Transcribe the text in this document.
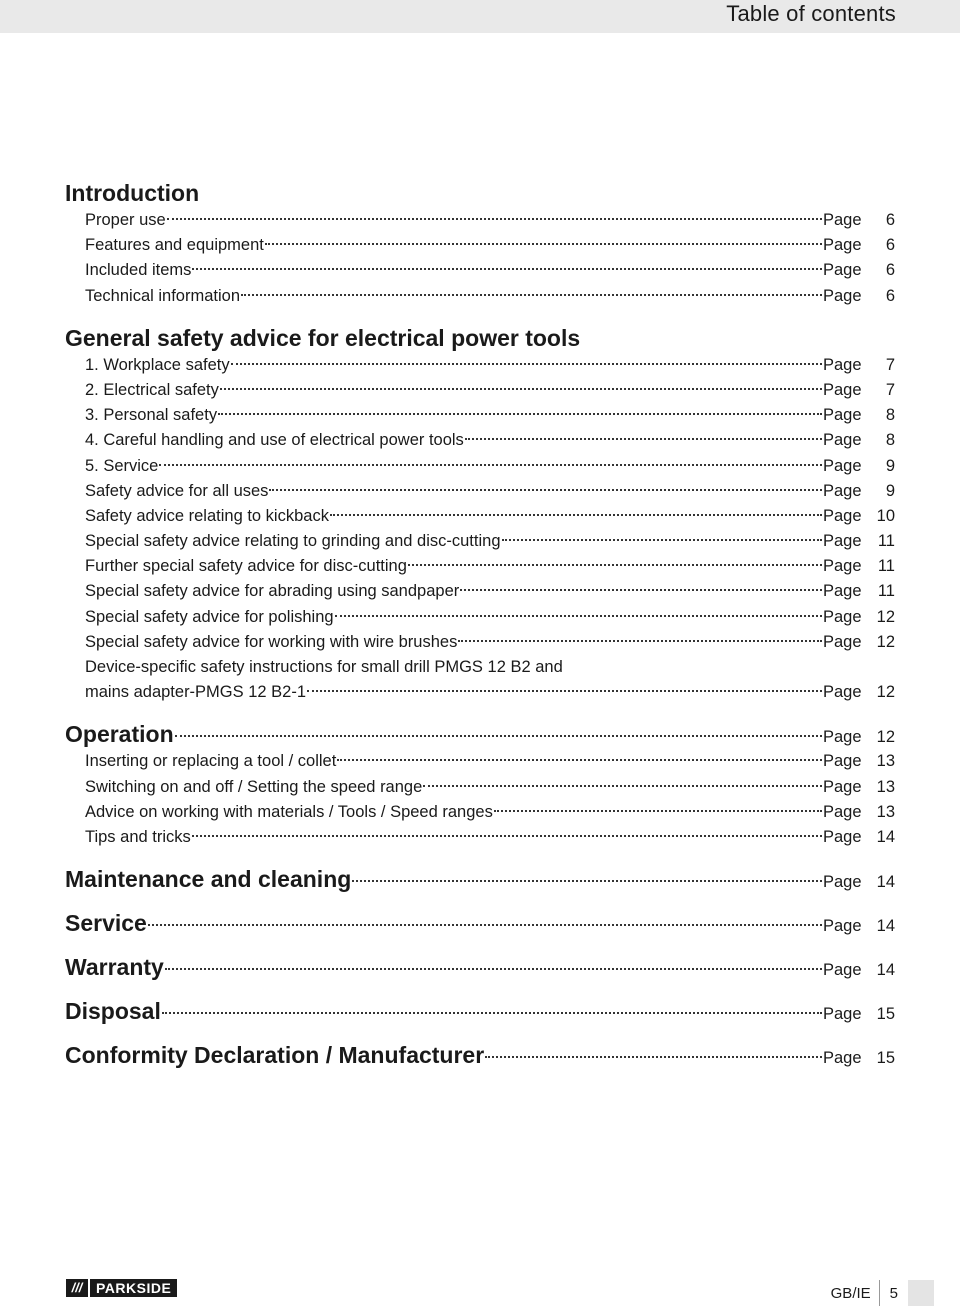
Table of contents
Introduction
Proper use	Page 6
Features and equipment	Page 6
Included items	Page 6
Technical information	Page 6
General safety advice for electrical power tools
1. Workplace safety	Page 7
2. Electrical safety	Page 7
3. Personal safety	Page 8
4. Careful handling and use of electrical power tools	Page 8
5. Service	Page 9
Safety advice for all uses	Page 9
Safety advice relating to kickback	Page 10
Special safety advice relating to grinding and disc-cutting	Page 11
Further special safety advice for disc-cutting	Page 11
Special safety advice for abrading using sandpaper	Page 11
Special safety advice for polishing	Page 12
Special safety advice for working with wire brushes	Page 12
Device-specific safety instructions for small drill PMGS 12 B2 and
mains adapter-PMGS 12 B2-1	Page 12
Operation	Page 12
Inserting or replacing a tool / collet	Page 13
Switching on and off / Setting the speed range	Page 13
Advice on working with materials / Tools / Speed ranges	Page 13
Tips and tricks	Page 14
Maintenance and cleaning	Page 14
Service	Page 14
Warranty	Page 14
Disposal	Page 15
Conformity Declaration / Manufacturer	Page 15
/// PARKSIDE	GB/IE	5
